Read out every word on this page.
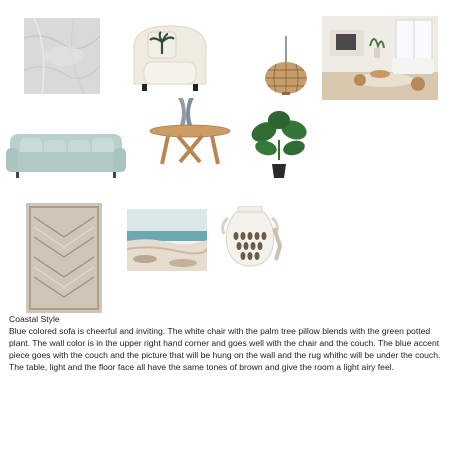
Coastal Style
Blue colored sofa is cheerful and inviting. The white chair with the palm tree pillow blends with the green potted plant. The wall color is in the upper right hand corner and goes well with the chair and the couch. The blue accent piece goes with the couch and the picture that will be hung on the wall and the rug whithc will be under the couch. The table, light and the floor face all have the same tones of brown and give the room a light airy feel.
